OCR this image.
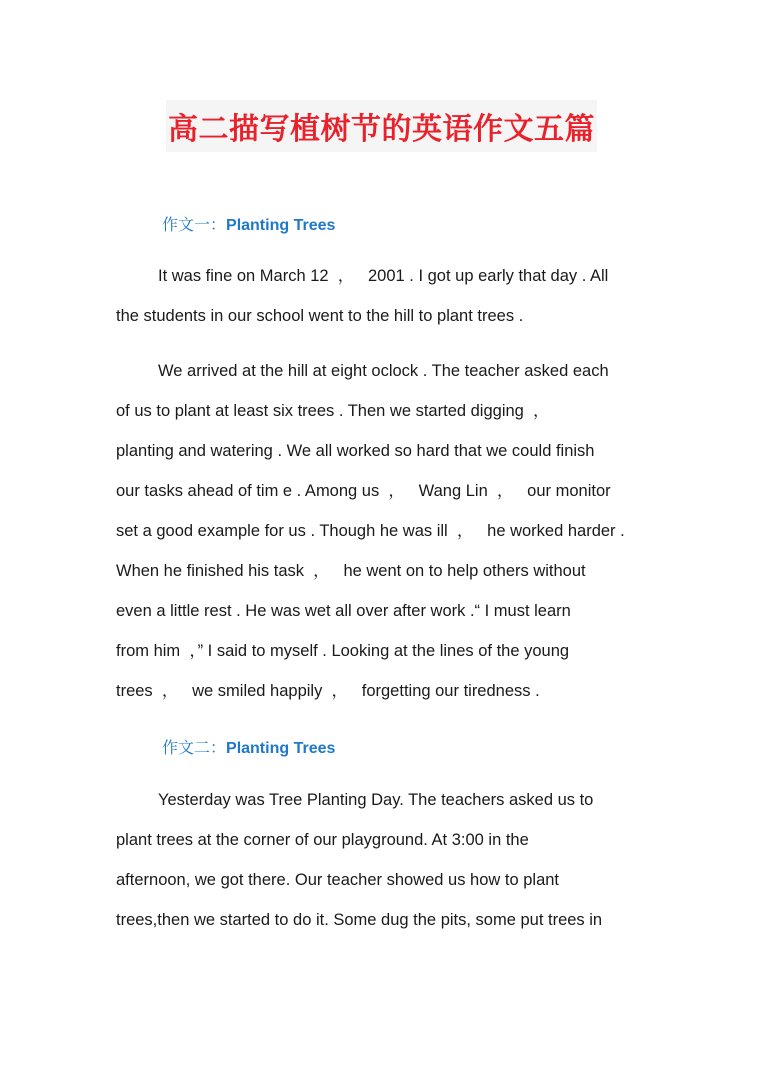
高二描写植树节的英语作文五篇
作文一：Planting Trees
It was fine on March 12  ，   2001 . I got up early that day . All
the students in our school went to the hill to plant trees .
We arrived at the hill at eight oclock . The teacher asked each
of us to plant at least six trees . Then we started digging  ，
planting and watering . We all worked so hard that we could finish
our tasks ahead of tim e . Among us  ，   Wang Lin  ，   our monitor
set a good example for us . Though he was ill  ，   he worked harder .
When he finished his task  ，   he went on to help others without
even a little rest . He was wet all over after work .“ I must learn
from him  ，” I said to myself . Looking at the lines of the young
trees  ，   we smiled happily  ，   forgetting our tiredness .
作文二：Planting Trees
Yesterday was Tree Planting Day. The teachers asked us to
plant trees at the corner of our playground. At 3:00 in the
afternoon, we got there. Our teacher showed us how to plant
trees,then we started to do it. Some dug the pits, some put trees in
